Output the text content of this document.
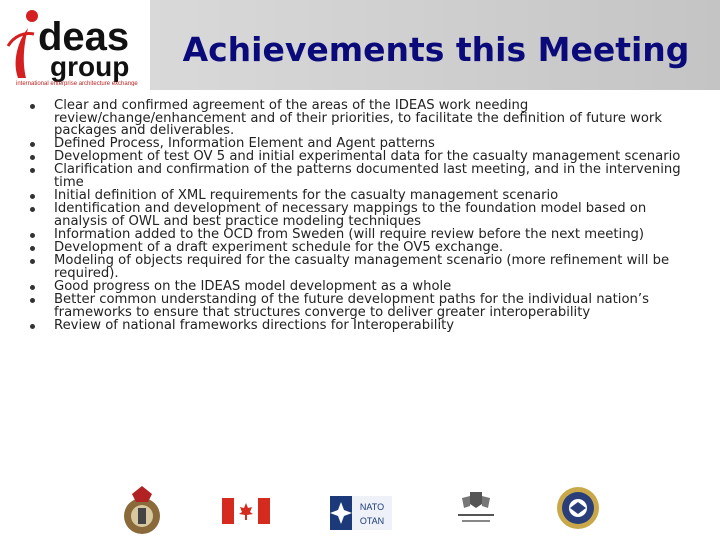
deas
group
international enterprise architecture exchange
Achievements this Meeting
Clear and confirmed agreement of the areas of the IDEAS work needing review/change/enhancement and of their priorities, to facilitate the definition of future work packages and deliverables.
Defined Process, Information Element and Agent patterns
Development of test OV 5 and initial experimental data for the casualty management scenario
Clarification and confirmation of the patterns documented last meeting, and in the intervening time
Initial definition of XML requirements for the casualty management scenario
Identification and development of necessary mappings to the foundation model based on analysis of OWL and best practice modeling techniques
Information added to the OCD from Sweden (will require review before the next meeting)
Development of a draft experiment schedule for the OV5 exchange.
Modeling of objects required for the casualty management scenario (more refinement will be required).
Good progress on the IDEAS model development as a whole
Better common understanding of the future development paths for the individual nation’s frameworks to ensure that structures converge to deliver greater interoperability
Review of national frameworks directions for Interoperability
NATO
OTAN
